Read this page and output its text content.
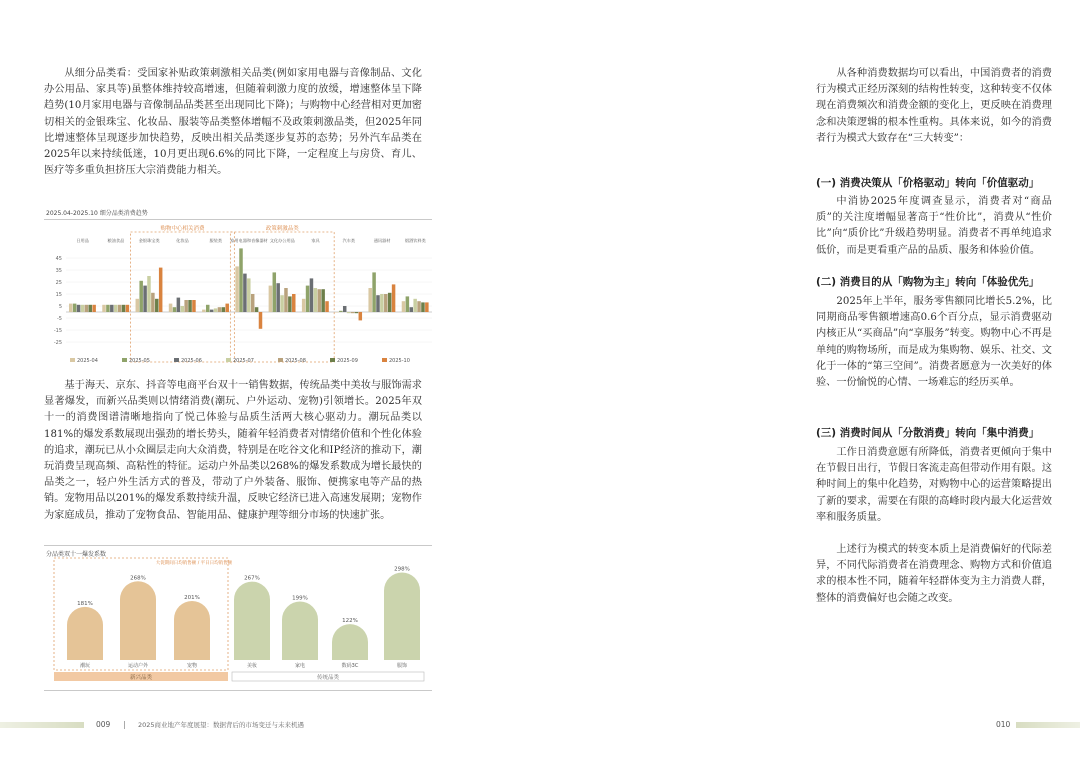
从细分品类看：受国家补贴政策刺激相关品类(例如家用电器与音像制品、文化办公用品、家具等)虽整体维持较高增速，但随着刺激力度的放缓，增速整体呈下降趋势(10月家用电器与音像制品品类甚至出现同比下降)；与购物中心经营相对更加密切相关的金银珠宝、化妆品、服装等品类整体增幅不及政策刺激品类，但2025年同比增速整体呈现逐步加快趋势，反映出相关品类逐步复苏的态势；另外汽车品类在2025年以来持续低迷，10月更出现6.6%的同比下降，一定程度上与房贷、育儿、医疗等多重负担挤压大宗消费能力相关。

2025.04-2025.10 细分品类消费趋势
45
35
25
15
5
-5
-15
-25
购物中心相关消费	政策刺激品类
日用品	粮油食品	金银珠宝类	化妆品	服装类 家用电器和音像器材 文化办公用品	家具	汽车类	通讯器材	烟酒饮料类
2025-04	2025-05	2025-06	2025-07	2025-08	2025-09	2025-10

基于海天、京东、抖音等电商平台双十一销售数据，传统品类中美妆与服饰需求显著爆发，而新兴品类则以情绪消费(潮玩、户外运动、宠物)引领增长。2025年双十一的消费图谱清晰地指向了悦己体验与品质生活两大核心驱动力。潮玩品类以181%的爆发系数展现出强劲的增长势头，随着年轻消费者对情绪价值和个性化体验的追求，潮玩已从小众圈层走向大众消费，特别是在吃谷文化和IP经济的推动下，潮玩消费呈现高频、高粘性的特征。运动户外品类以268%的爆发系数成为增长最快的品类之一，轻户外生活方式的普及，带动了户外装备、服饰、便携家电等产品的热销。宠物用品以201%的爆发系数持续升温，反映它经济已进入高速发展期；宠物作为家庭成员，推动了宠物食品、智能用品、健康护理等细分市场的快速扩张。

分品类双十一爆发系数
大促期间日均销售额 / 平日日均销售额
新兴品类	传统品类
181%
潮玩
268%
运动户外
201%
宠物
267%
美妆
199%
家电
122%
数码3C
298%
服饰
009	2025商业地产年度展望：数据背后的市场变迁与未来机遇

从各种消费数据均可以看出，中国消费者的消费行为模式正经历深刻的结构性转变，这种转变不仅体现在消费频次和消费金额的变化上，更反映在消费理念和决策逻辑的根本性重构。具体来说，如今的消费者行为模式大致存在“三大转变”：

(一) 消费决策从「价格驱动」转向「价值驱动」

中消协2025年度调查显示，消费者对“商品质”的关注度增幅显著高于“性价比”，消费从“性价比”向“质价比”升级趋势明显。消费者不再单纯追求低价，而是更看重产品的品质、服务和体验价值。

(二) 消费目的从「购物为主」转向「体验优先」

2025年上半年，服务零售额同比增长5.2%，比同期商品零售额增速高0.6个百分点，显示消费驱动内核正从“买商品”向“享服务”转变。购物中心不再是单纯的购物场所，而是成为集购物、娱乐、社交、文化于一体的“第三空间”。消费者愿意为一次美好的体验、一份愉悦的心情、一场难忘的经历买单。

(三) 消费时间从「分散消费」转向「集中消费」

工作日消费意愿有所降低，消费者更倾向于集中在节假日出行，节假日客流走高但带动作用有限。这种时间上的集中化趋势，对购物中心的运营策略提出了新的要求，需要在有限的高峰时段内最大化运营效率和服务质量。

上述行为模式的转变本质上是消费偏好的代际差异，不同代际消费者在消费理念、购物方式和价值追求的根本性不同，随着年轻群体变为主力消费人群，整体的消费偏好也会随之改变。

010
